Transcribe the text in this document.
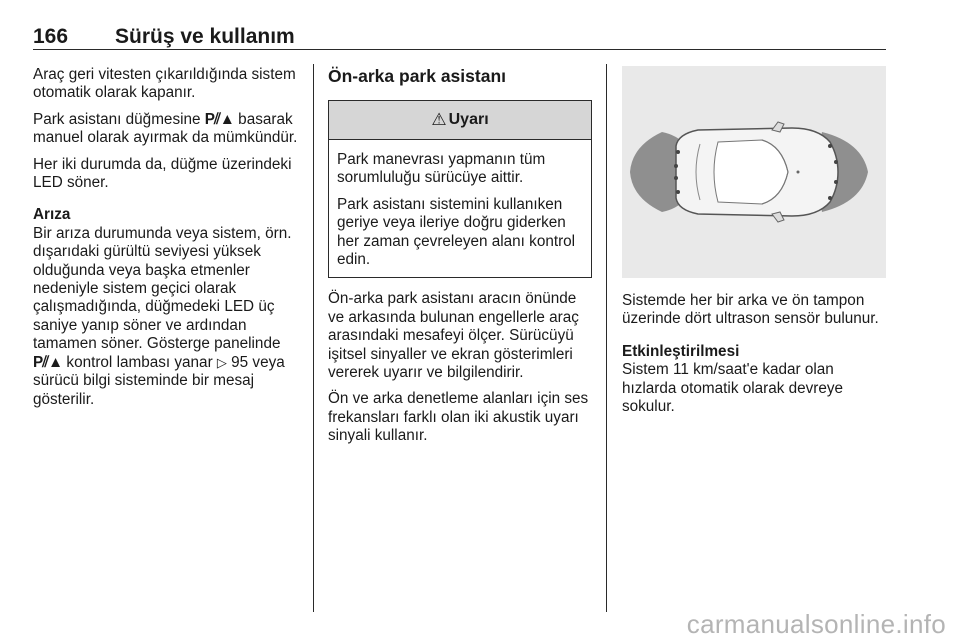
166 Sürüş ve kullanım

Araç geri vitesten çıkarıldığında sistem otomatik olarak kapanır.

Park asistanı düğmesine P⫽▲ basarak manuel olarak ayırmak da mümkündür.

Her iki durumda da, düğme üzerindeki LED söner.

Arıza

Bir arıza durumunda veya sistem, örn. dışarıdaki gürültü seviyesi yüksek olduğunda veya başka etmenler nedeniyle sistem geçici olarak çalışmadığında, düğmedeki LED üç saniye yanıp söner ve ardından tamamen söner. Gösterge panelinde P⫽▲ kontrol lambası yanar ▷ 95 veya sürücü bilgi sisteminde bir mesaj gösterilir.

Ön-arka park asistanı
⚠ Uyarı

Park manevrası yapmanın tüm sorumluluğu sürücüye aittir.

Park asistanı sistemini kullanıken geriye veya ileriye doğru giderken her zaman çevreleyen alanı kontrol edin.

Ön-arka park asistanı aracın önünde ve arkasında bulunan engellerle araç arasındaki mesafeyi ölçer. Sürücüyü işitsel sinyaller ve ekran gösterimleri vererek uyarır ve bilgilendirir.

Ön ve arka denetleme alanları için ses frekansları farklı olan iki akustik uyarı sinyali kullanır.

Sistemde her bir arka ve ön tampon üzerinde dört ultrason sensör bulunur.

Etkinleştirilmesi

Sistem 11 km/saat'e kadar olan hızlarda otomatik olarak devreye sokulur.

carmanualsonline.info
